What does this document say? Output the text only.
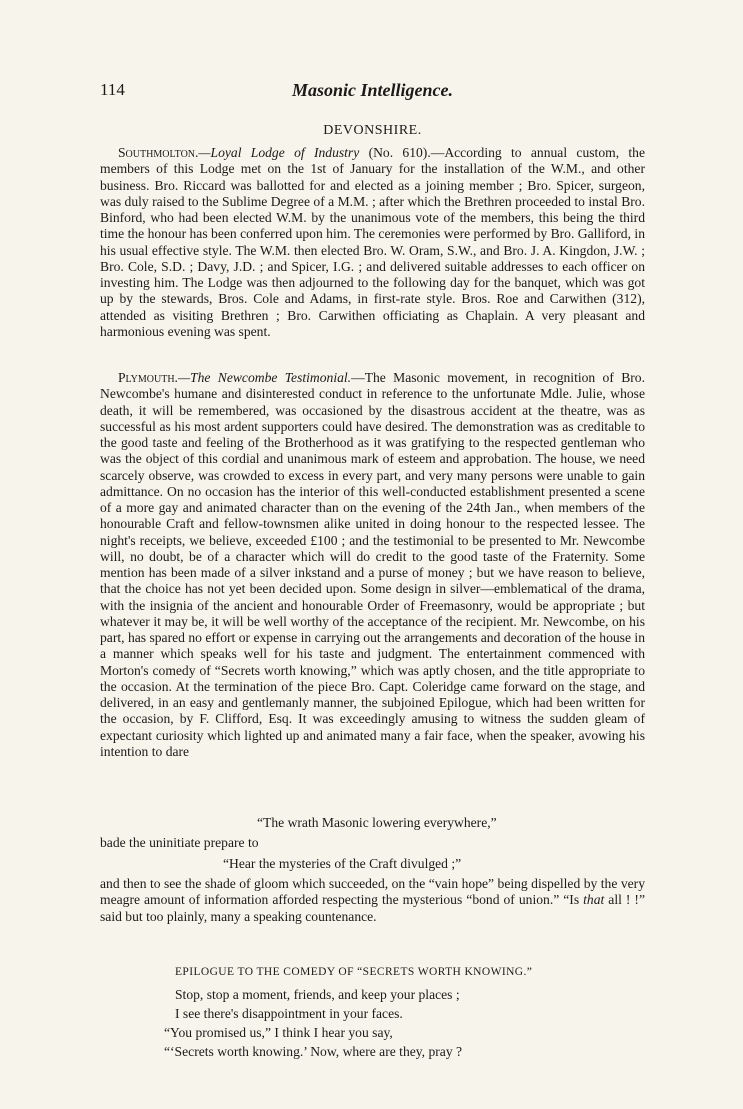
114	Masonic Intelligence.
DEVONSHIRE.

Southmolton.—Loyal Lodge of Industry (No. 610).—According to annual custom, the members of this Lodge met on the 1st of January for the installation of the W.M., and other business. Bro. Riccard was ballotted for and elected as a joining member ; Bro. Spicer, surgeon, was duly raised to the Sublime Degree of a M.M. ; after which the Brethren proceeded to instal Bro. Binford, who had been elected W.M. by the unanimous vote of the members, this being the third time the honour has been conferred upon him. The ceremonies were performed by Bro. Galliford, in his usual effective style. The W.M. then elected Bro. W. Oram, S.W., and Bro. J. A. Kingdon, J.W. ; Bro. Cole, S.D. ; Davy, J.D. ; and Spicer, I.G. ; and delivered suitable addresses to each officer on investing him. The Lodge was then adjourned to the following day for the banquet, which was got up by the stewards, Bros. Cole and Adams, in first-rate style. Bros. Roe and Carwithen (312), attended as visiting Brethren ; Bro. Carwithen officiating as Chaplain. A very pleasant and harmonious evening was spent.

Plymouth.—The Newcombe Testimonial.—The Masonic movement, in recognition of Bro. Newcombe's humane and disinterested conduct in reference to the unfortunate Mdle. Julie, whose death, it will be remembered, was occasioned by the disastrous accident at the theatre, was as successful as his most ardent supporters could have desired. The demonstration was as creditable to the good taste and feeling of the Brotherhood as it was gratifying to the respected gentleman who was the object of this cordial and unanimous mark of esteem and approbation. The house, we need scarcely observe, was crowded to excess in every part, and very many persons were unable to gain admittance. On no occasion has the interior of this well-conducted establishment presented a scene of a more gay and animated character than on the evening of the 24th Jan., when members of the honourable Craft and fellow-townsmen alike united in doing honour to the respected lessee. The night's receipts, we believe, exceeded £100 ; and the testimonial to be presented to Mr. Newcombe will, no doubt, be of a character which will do credit to the good taste of the Fraternity. Some mention has been made of a silver inkstand and a purse of money ; but we have reason to believe, that the choice has not yet been decided upon. Some design in silver—emblematical of the drama, with the insignia of the ancient and honourable Order of Freemasonry, would be appropriate ; but whatever it may be, it will be well worthy of the acceptance of the recipient. Mr. Newcombe, on his part, has spared no effort or expense in carrying out the arrangements and decoration of the house in a manner which speaks well for his taste and judgment. The entertainment commenced with Morton's comedy of “Secrets worth knowing,” which was aptly chosen, and the title appropriate to the occasion. At the termination of the piece Bro. Capt. Coleridge came forward on the stage, and delivered, in an easy and gentlemanly manner, the subjoined Epilogue, which had been written for the occasion, by F. Clifford, Esq. It was exceedingly amusing to witness the sudden gleam of expectant curiosity which lighted up and animated many a fair face, when the speaker, avowing his intention to dare

“The wrath Masonic lowering everywhere,”
bade the uninitiate prepare to
“Hear the mysteries of the Craft divulged ;”

and then to see the shade of gloom which succeeded, on the “vain hope” being dispelled by the very meagre amount of information afforded respecting the mysterious “bond of union.” “Is that all ! !” said but too plainly, many a speaking countenance.

EPILOGUE TO THE COMEDY OF “SECRETS WORTH KNOWING.”
Stop, stop a moment, friends, and keep your places ;
I see there's disappointment in your faces.
“You promised us,” I think I hear you say,
“‘Secrets worth knowing.’ Now, where are they, pray ?
